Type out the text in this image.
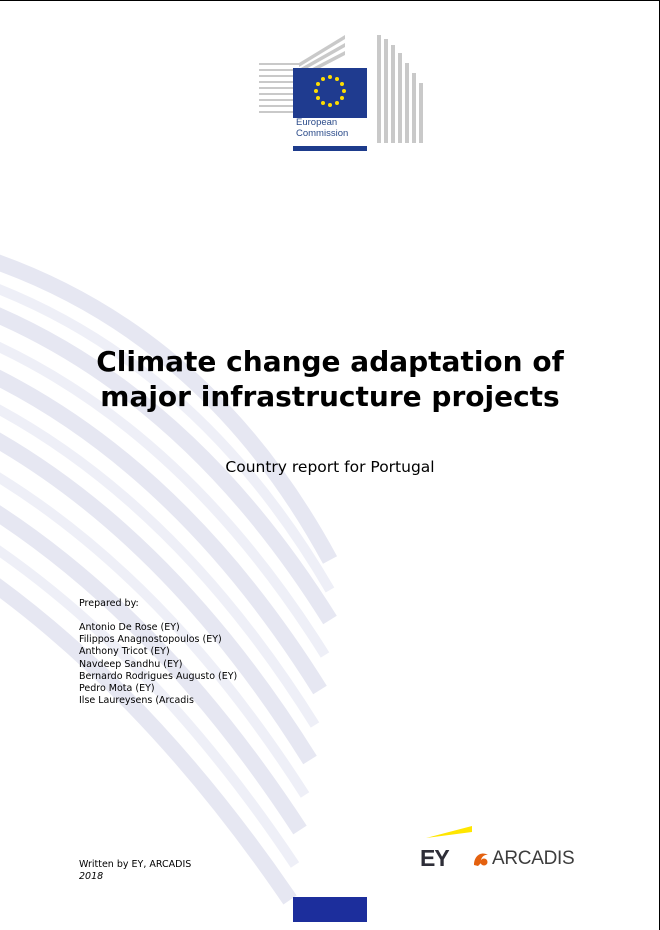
European
Commission
Climate change adaptation of
major infrastructure projects
Country report for Portugal
Prepared by:
Antonio De Rose (EY)
Filippos Anagnostopoulos (EY)
Anthony Tricot (EY)
Navdeep Sandhu (EY)
Bernardo Rodrigues Augusto (EY)
Pedro Mota (EY)
Ilse Laureysens (Arcadis
Written by EY, ARCADIS
2018
EY ARCADIS
